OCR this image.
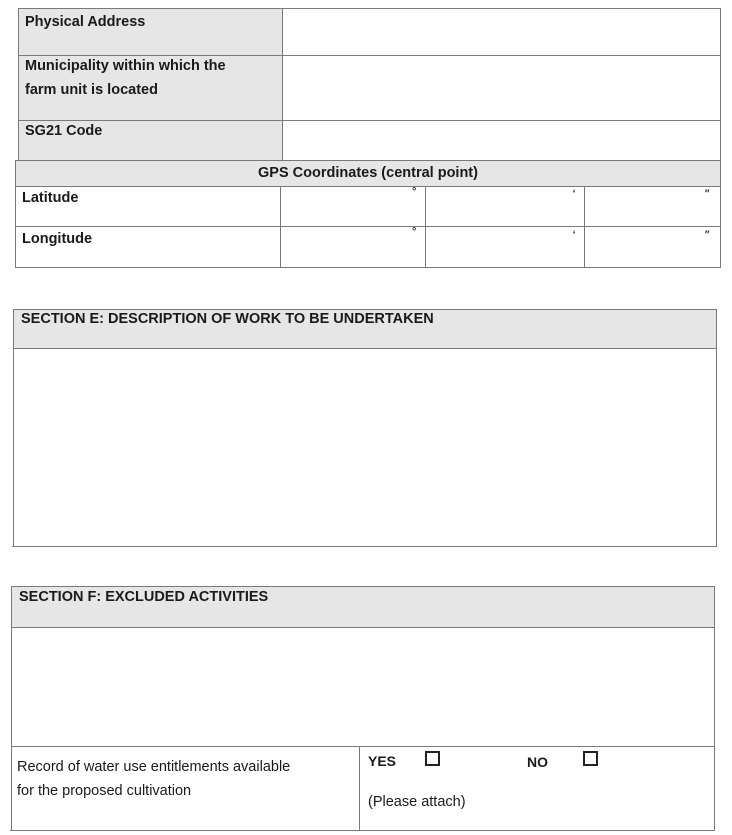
Physical Address
Municipality within which the
farm unit is located
SG21 Code
GPS Coordinates (central point)
Latitude	°	‘	"
Longitude	°	‘	"
SECTION E: DESCRIPTION OF WORK TO BE UNDERTAKEN
SECTION F: EXCLUDED ACTIVITIES
Record of water use entitlements available
for the proposed cultivation
YES	NO
(Please attach)
